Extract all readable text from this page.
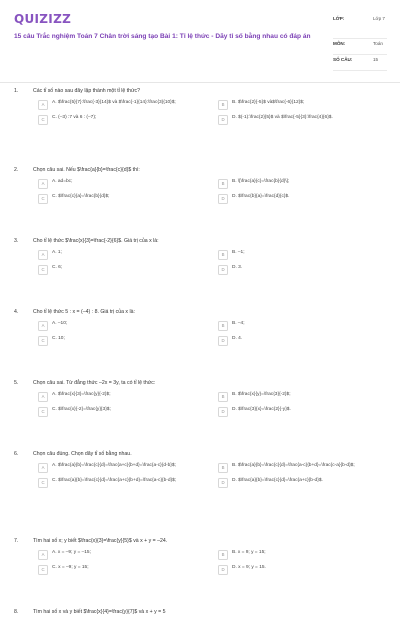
QUIZIZZ
15 câu Trắc nghiệm Toán 7 Chân trời sáng tạo Bài 1: Tỉ lệ thức - Dãy tỉ số bằng nhau có đáp án
LỚP:	Lớp 7
MÔN:	Toán
SỐ CÂU:	15
1.	Các tỉ số nào sau đây lập thành một tỉ lệ thức?
A	A. $\frac{5}{7}:\frac{-3}{14}$ và $\frac{-1}{14}:\frac{3}{10}$;	B	B. $\frac{2}{-5}$ và$\frac{-6}{12}$;
C	C. (–3) :7 và 6 : (–7);	D	D. $(-1):\frac{2}{5}$ và $\frac{-5}{3}:\frac{4}{6}$.
2.	Chọn câu sai. Nếu $\frac{a}{b}=\frac{c}{d}$ thì:
A	A. ad=bc;	B	B. \[\frac{a}{c}=\frac{b}{d}\];
C	C. $\frac{c}{a}=\frac{b}{d}$;	D	D. $\frac{b}{a}=\frac{d}{c}$.
3.	Cho tỉ lệ thức $\frac{x}{3}=\frac{-2}{6}$. Giá trị của x là:
A	A. 1;	B	B. –1;
C	C. 6;	D	D. 3.
4.	Cho tỉ lệ thức 5 : x = (–4) : 8. Giá trị của x là:
A	A. –10;	B	B. –4;
C	C. 10;	D	D. 4.
5.	Chọn câu sai. Từ đẳng thức –2x = 3y, ta có tỉ lệ thức:
A	A. $\frac{x}{3}=\frac{y}{-2}$;	B	B. $\frac{x}{y}=\frac{3}{-2}$;
C	C. $\frac{x}{-2}=\frac{y}{3}$;	D	D. $\frac{3}{x}=\frac{2}{-y}$.
6.	Chọn câu đúng. Chọn dãy tỉ số bằng nhau.
A	A. $\frac{a}{b}=\frac{c}{d}=\frac{a+c}{b+d}=\frac{a-c}{d-b}$;	B	B. $\frac{a}{b}=\frac{c}{d}=\frac{a-c}{b+d}=\frac{c-a}{b-d}$;
C	C. $\frac{a}{b}=\frac{c}{d}=\frac{a+c}{b+d}=\frac{a-c}{b-d}$;	D	D. $\frac{a}{b}=\frac{c}{d}=\frac{a+c}{b-d}$.
7.	Tìm hai số x; y biết $\frac{x}{3}=\frac{y}{5}$ và x + y = –24.
A	A. x = –9; y = –15;	B	B. x = 9; y = 15;
C	C. x = –9; y = 15;	D	D. x = 9; y = 15.
8.	Tìm hai số x và y biết $\frac{x}{4}=\frac{y}{7}$ và x + y = 5
